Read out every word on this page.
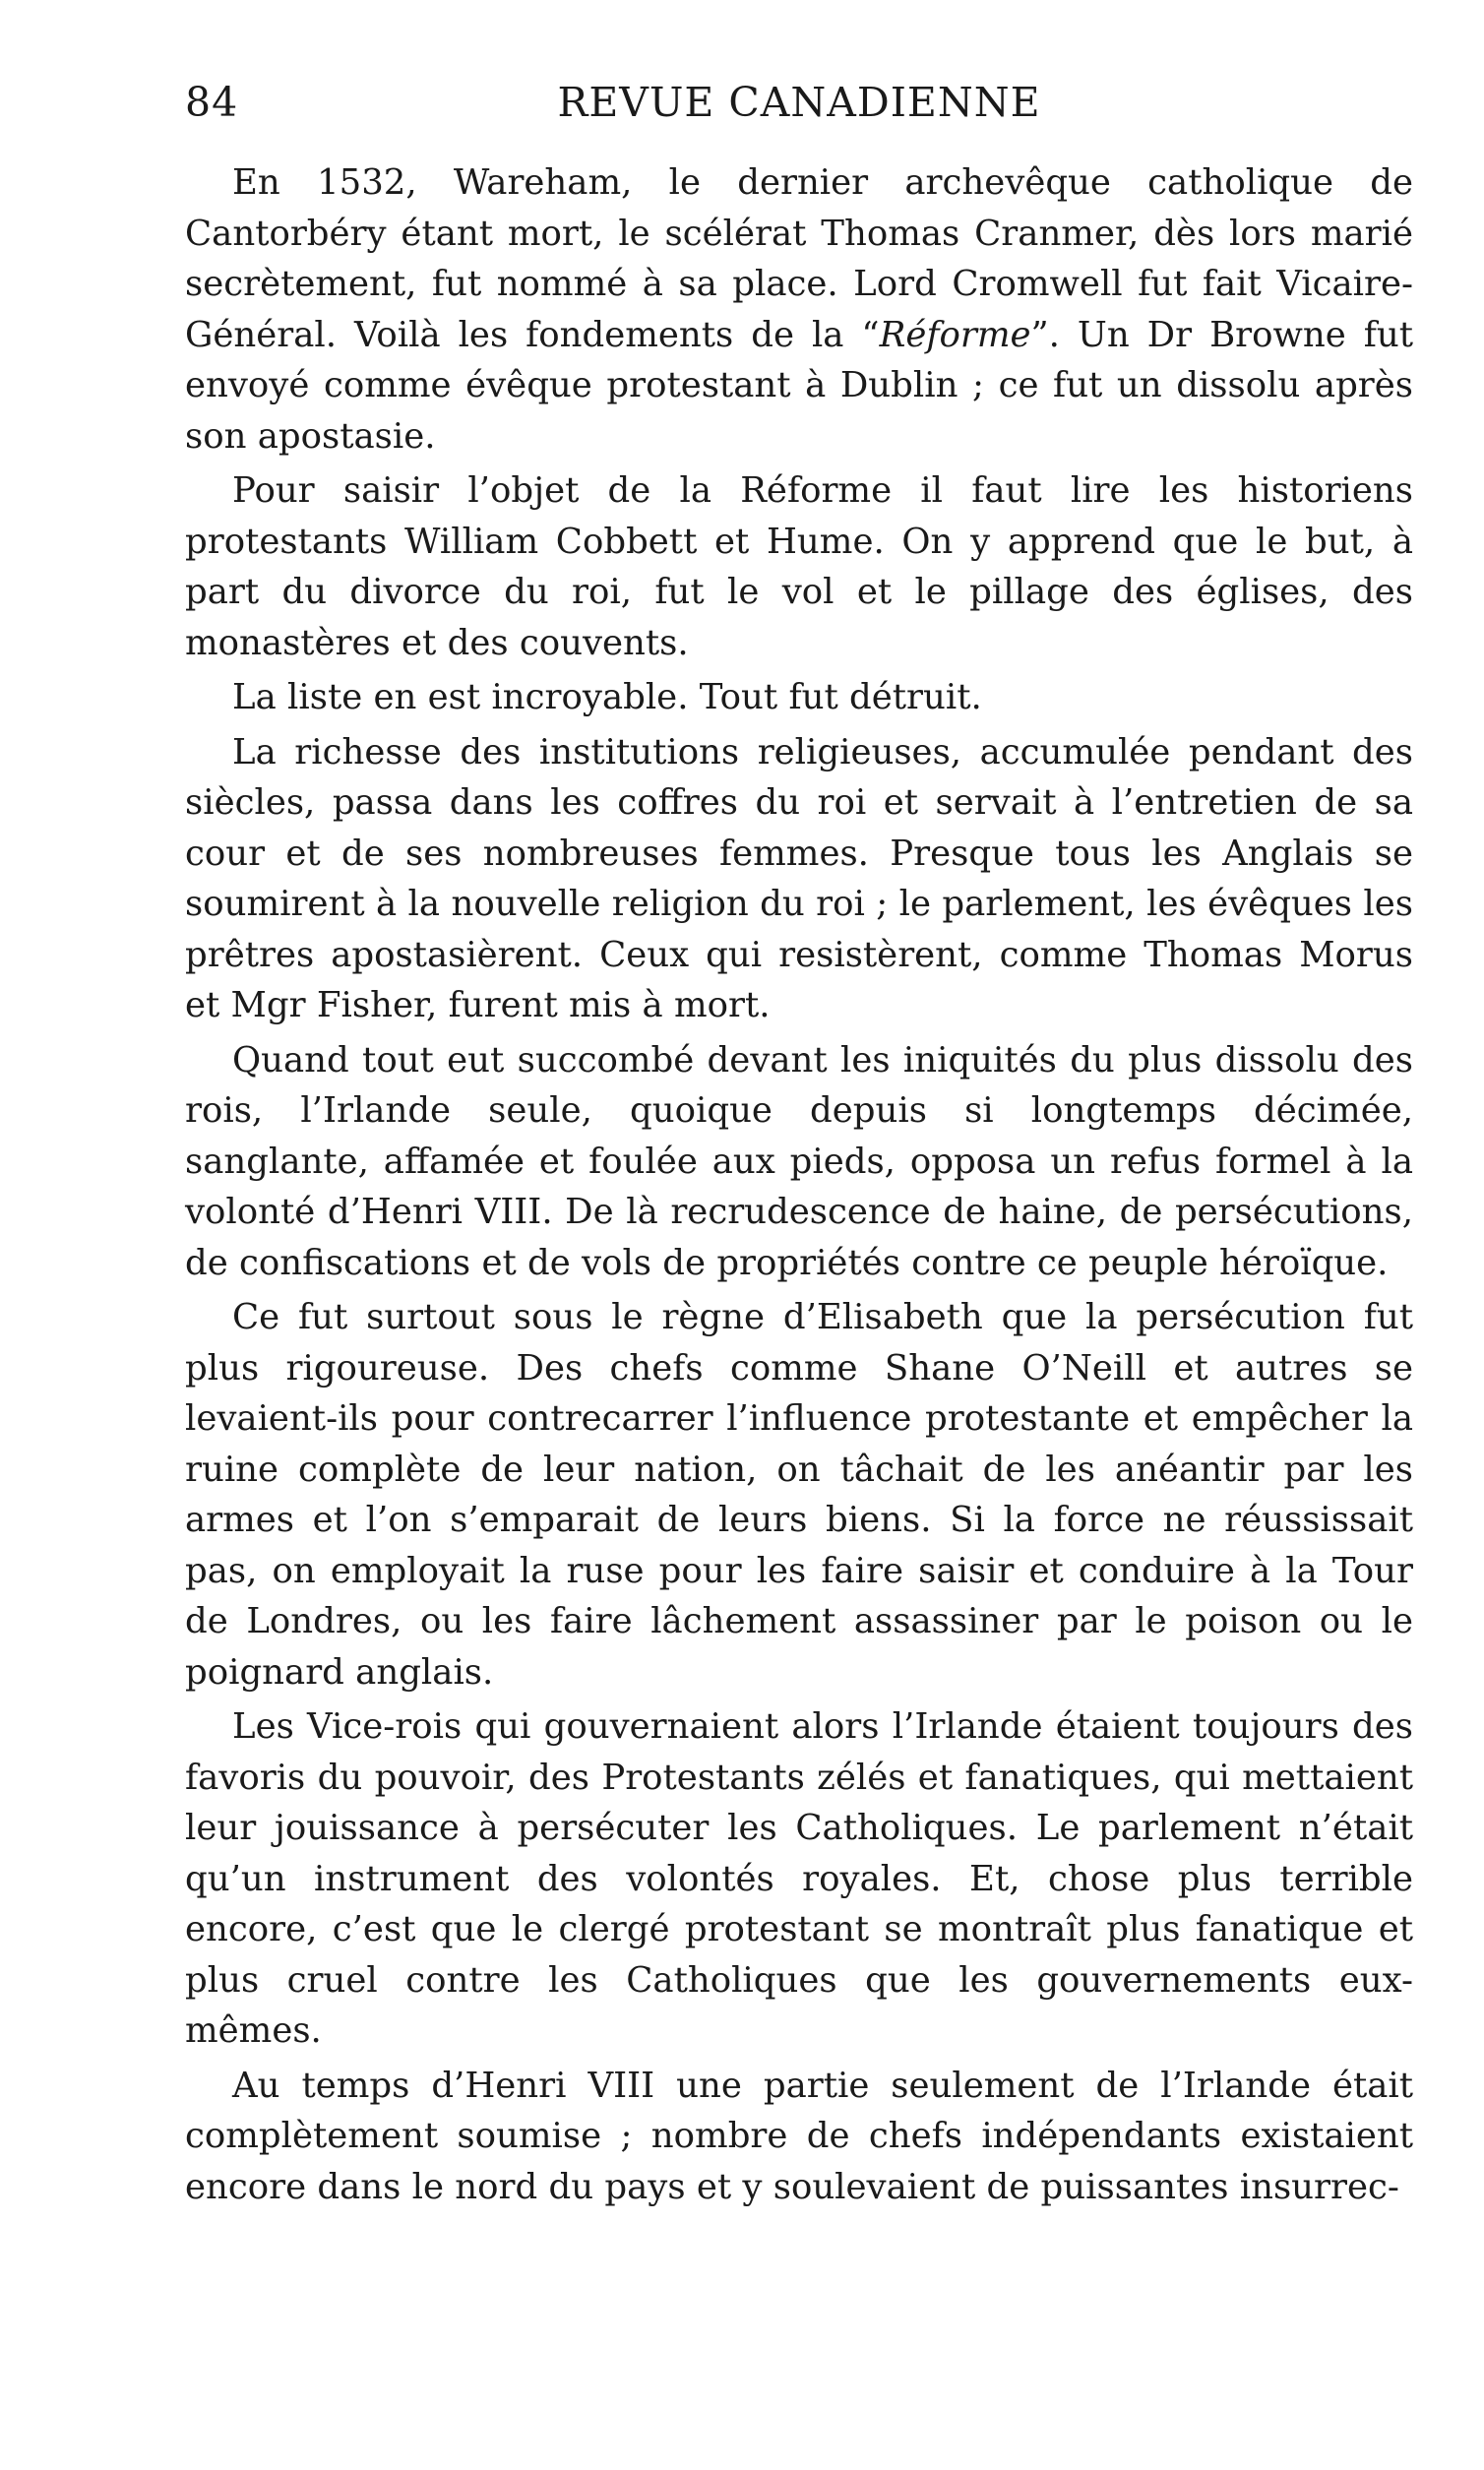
84	REVUE CANADIENNE

En 1532, Wareham, le dernier archevêque catholique de Cantorbéry étant mort, le scélérat Thomas Cranmer, dès lors marié secrètement, fut nommé à sa place. Lord Cromwell fut fait Vicaire-Général. Voilà les fondements de la “Réforme”. Un Dr Browne fut envoyé comme évêque protestant à Dublin ; ce fut un dissolu après son apostasie.

Pour saisir l’objet de la Réforme il faut lire les historiens protestants William Cobbett et Hume. On y apprend que le but, à part du divorce du roi, fut le vol et le pillage des églises, des monastères et des couvents.

La liste en est incroyable. Tout fut détruit.

La richesse des institutions religieuses, accumulée pendant des siècles, passa dans les coffres du roi et servait à l’entretien de sa cour et de ses nombreuses femmes. Presque tous les Anglais se soumirent à la nouvelle religion du roi ; le parlement, les évêques les prêtres apostasièrent. Ceux qui resistèrent, comme Thomas Morus et Mgr Fisher, furent mis à mort.

Quand tout eut succombé devant les iniquités du plus dissolu des rois, l’Irlande seule, quoique depuis si longtemps décimée, sanglante, affamée et foulée aux pieds, opposa un refus formel à la volonté d’Henri VIII. De là recrudescence de haine, de persécutions, de confiscations et de vols de propriétés contre ce peuple héroïque.

Ce fut surtout sous le règne d’Elisabeth que la persécution fut plus rigoureuse. Des chefs comme Shane O’Neill et autres se levaient-ils pour contrecarrer l’influence protestante et empêcher la ruine complète de leur nation, on tâchait de les anéantir par les armes et l’on s’emparait de leurs biens. Si la force ne réussissait pas, on employait la ruse pour les faire saisir et conduire à la Tour de Londres, ou les faire lâchement assassiner par le poison ou le poignard anglais.

Les Vice-rois qui gouvernaient alors l’Irlande étaient toujours des favoris du pouvoir, des Protestants zélés et fanatiques, qui mettaient leur jouissance à persécuter les Catholiques. Le parlement n’était qu’un instrument des volontés royales. Et, chose plus terrible encore, c’est que le clergé protestant se montraît plus fanatique et plus cruel contre les Catholiques que les gouvernements eux-mêmes.

Au temps d’Henri VIII une partie seulement de l’Irlande était complètement soumise ; nombre de chefs indépendants existaient encore dans le nord du pays et y soulevaient de puissantes insurrec-
